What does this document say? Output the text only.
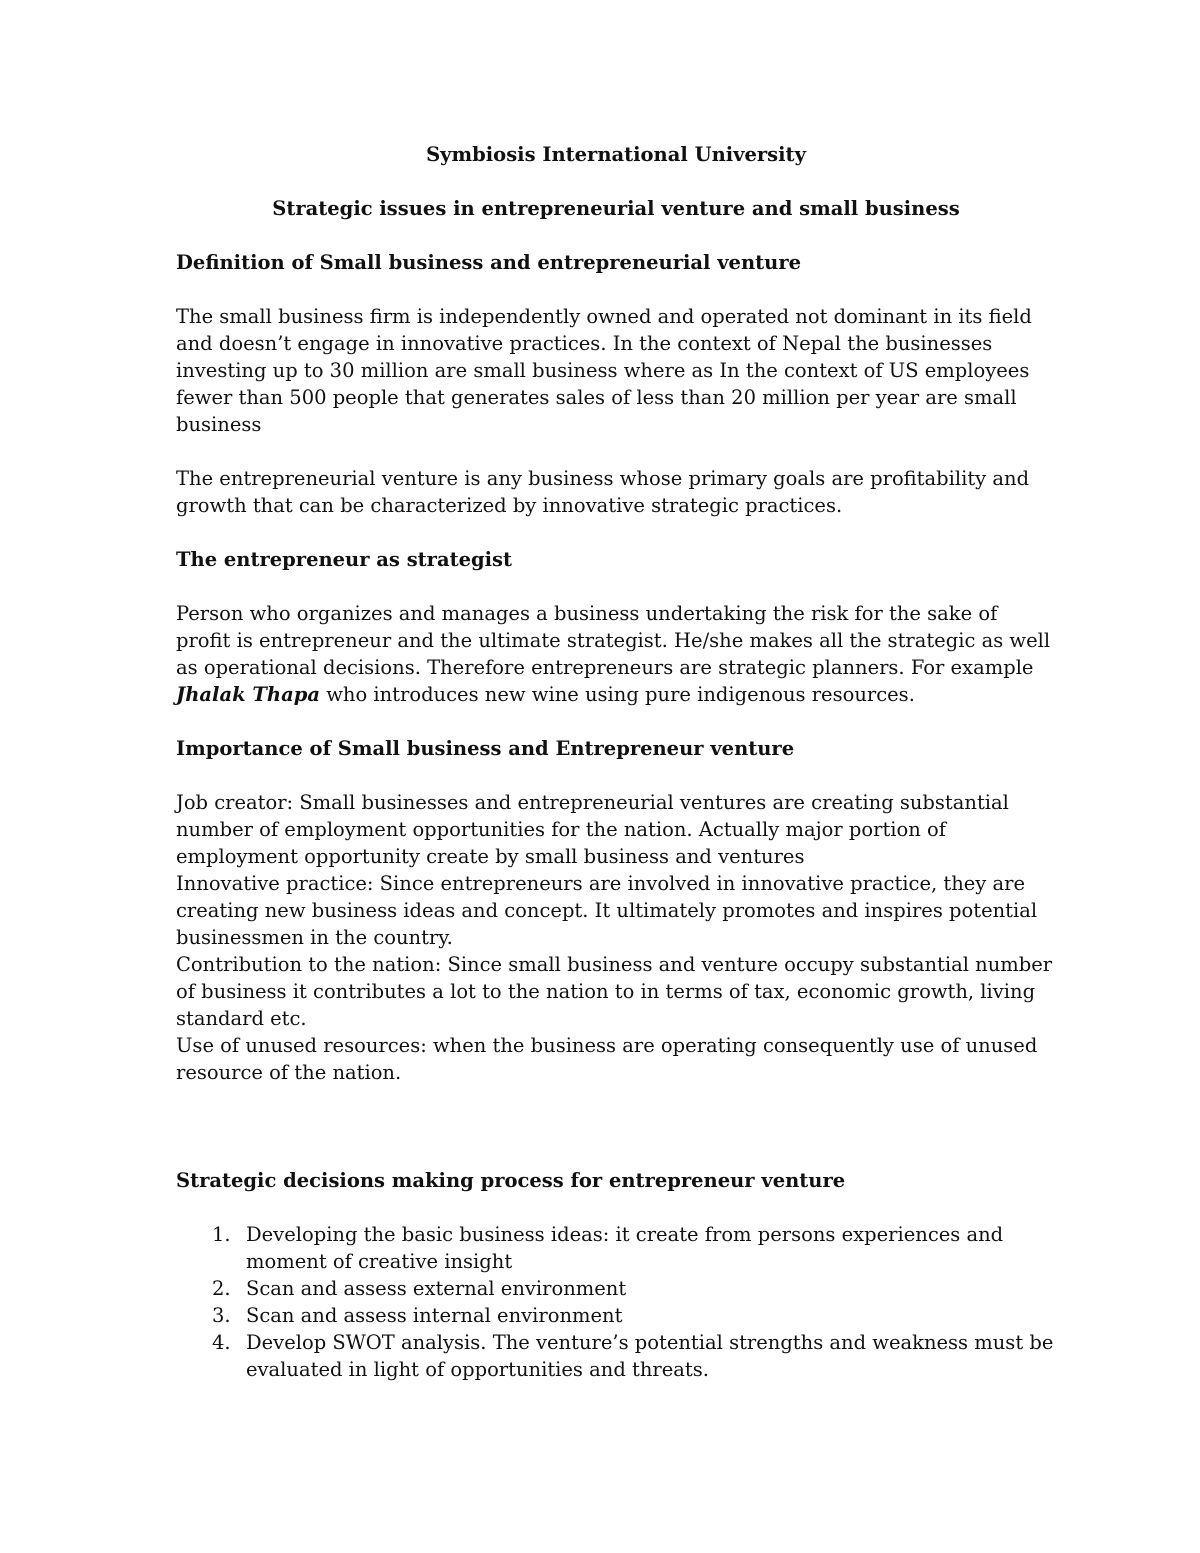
Symbiosis International University

Strategic issues in entrepreneurial venture and small business

Definition of Small business and entrepreneurial venture

The small business firm is independently owned and operated not dominant in its field and doesn’t engage in innovative practices. In the context of Nepal the businesses investing up to 30 million are small business where as In the context of US employees fewer than 500 people that generates sales of less than 20 million per year are small business

The entrepreneurial venture is any business whose primary goals are profitability and growth that can be characterized by innovative strategic practices.

The entrepreneur as strategist

Person who organizes and manages a business undertaking the risk for the sake of profit is entrepreneur and the ultimate strategist. He/she makes all the strategic as well as operational decisions. Therefore entrepreneurs are strategic planners. For example
Jhalak Thapa who introduces new wine using pure indigenous resources.

Importance of Small business and Entrepreneur venture

Job creator: Small businesses and entrepreneurial ventures are creating substantial number of employment opportunities for the nation. Actually major portion of employment opportunity create by small business and ventures

Innovative practice: Since entrepreneurs are involved in innovative practice, they are creating new business ideas and concept. It ultimately promotes and inspires potential businessmen in the country.

Contribution to the nation: Since small business and venture occupy substantial number of business it contributes a lot to the nation to in terms of tax, economic growth, living standard etc.

Use of unused resources: when the business are operating consequently use of unused resource of the nation.

Strategic decisions making process for entrepreneur venture
1. Developing the basic business ideas: it create from persons experiences and moment of creative insight
2. Scan and assess external environment
3. Scan and assess internal environment
4. Develop SWOT analysis. The venture’s potential strengths and weakness must be evaluated in light of opportunities and threats.
